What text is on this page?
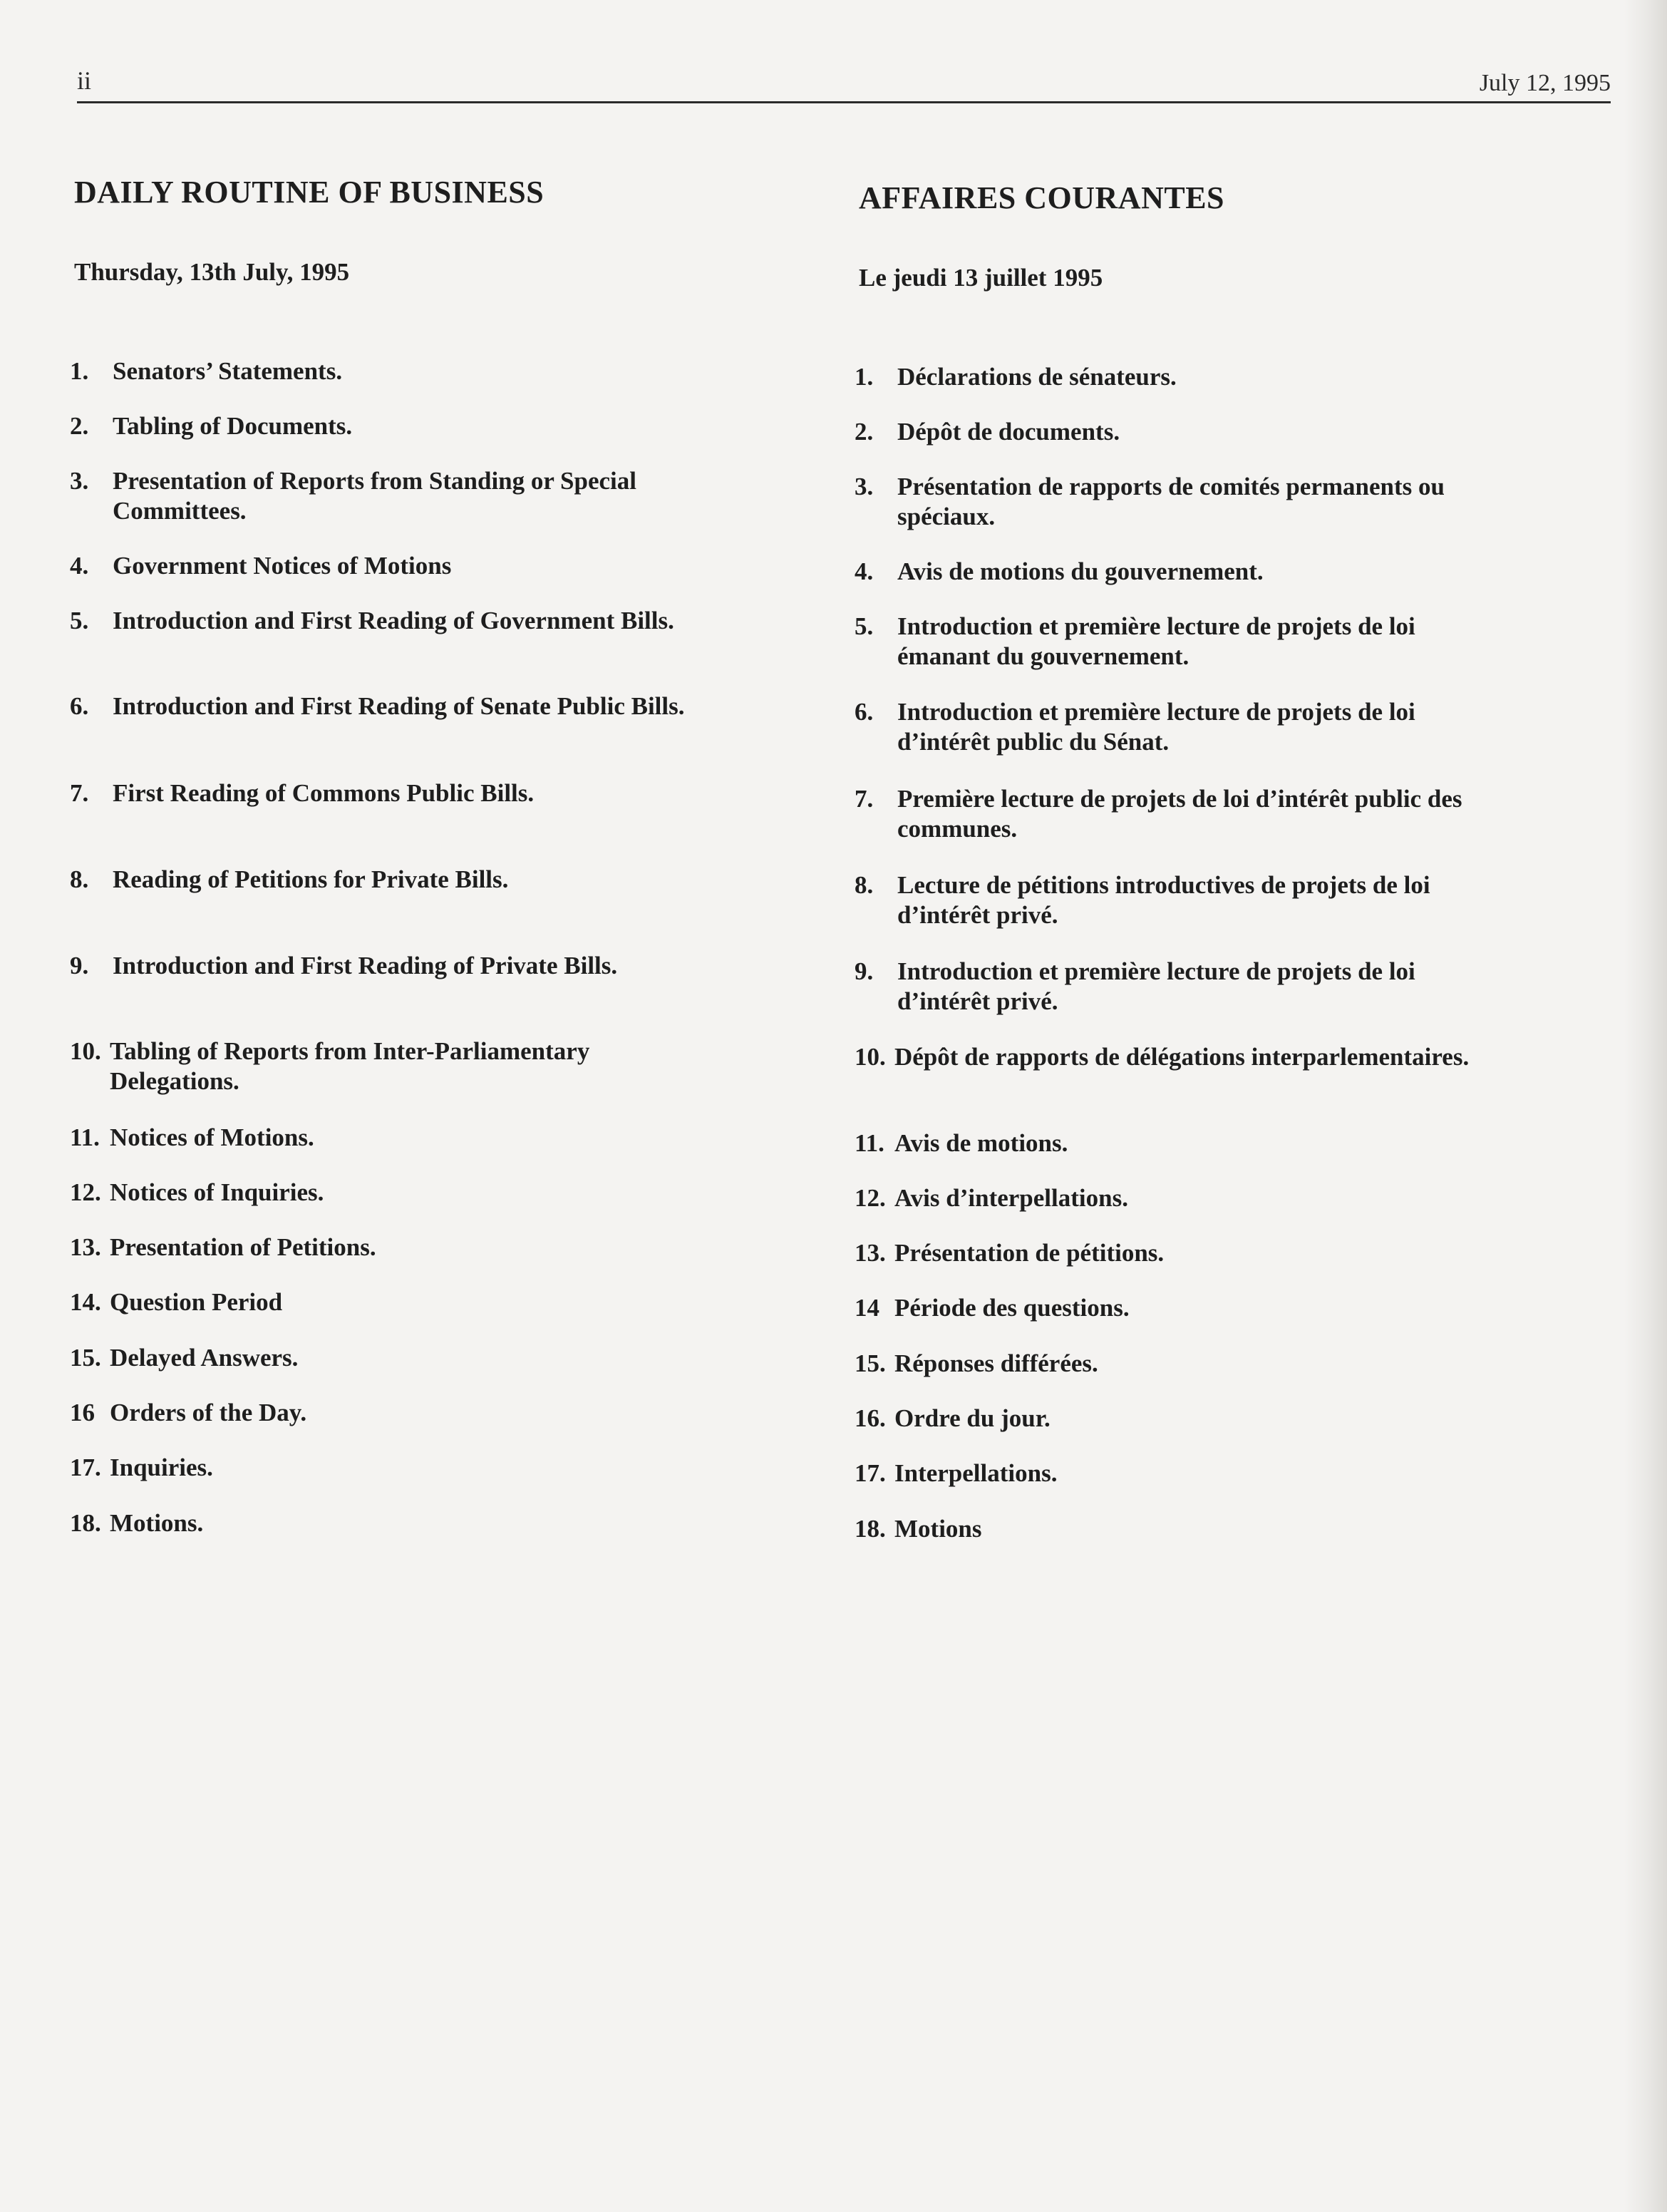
ii	July 12, 1995
DAILY ROUTINE OF BUSINESS

Thursday, 13th July, 1995

1. Senators’ Statements.
2. Tabling of Documents.
3. Presentation of Reports from Standing or Special Committees.
4. Government Notices of Motions
5. Introduction and First Reading of Government Bills.
6. Introduction and First Reading of Senate Public Bills.
7. First Reading of Commons Public Bills.
8. Reading of Petitions for Private Bills.
9. Introduction and First Reading of Private Bills.
10. Tabling of Reports from Inter-Parliamentary Delegations.
11. Notices of Motions.
12. Notices of Inquiries.
13. Presentation of Petitions.
14. Question Period
15. Delayed Answers.
16 Orders of the Day.
17. Inquiries.
18. Motions.
AFFAIRES COURANTES

Le jeudi 13 juillet 1995

1. Déclarations de sénateurs.
2. Dépôt de documents.
3. Présentation de rapports de comités permanents ou spéciaux.
4. Avis de motions du gouvernement.
5. Introduction et première lecture de projets de loi émanant du gouvernement.
6. Introduction et première lecture de projets de loi d’intérêt public du Sénat.
7. Première lecture de projets de loi d’intérêt public des communes.
8. Lecture de pétitions introductives de projets de loi d’intérêt privé.
9. Introduction et première lecture de projets de loi d’intérêt privé.
10. Dépôt de rapports de délégations interparlementaires.
11. Avis de motions.
12. Avis d’interpellations.
13. Présentation de pétitions.
14 Période des questions.
15. Réponses différées.
16. Ordre du jour.
17. Interpellations.
18. Motions
